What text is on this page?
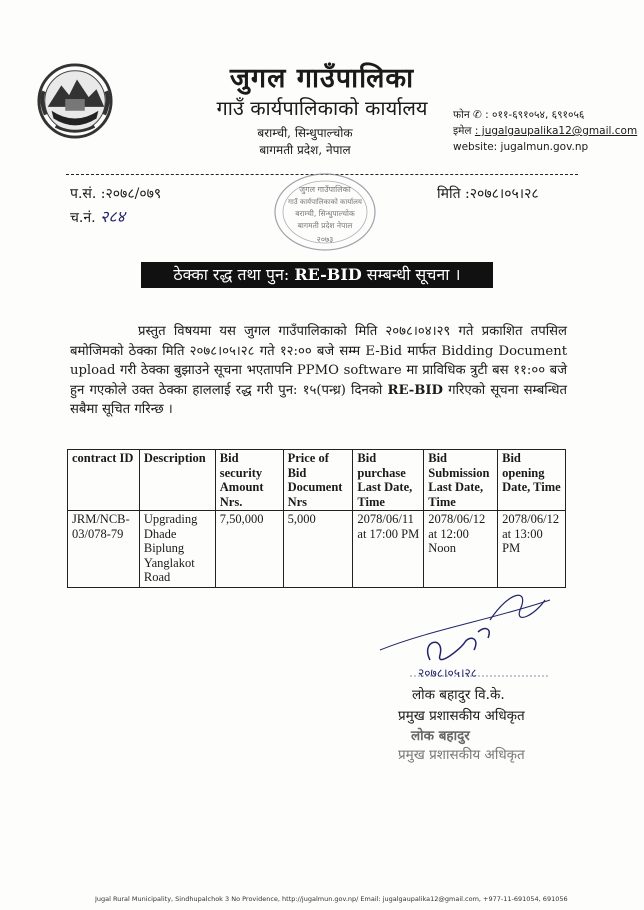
जुगल गाउँपालिका
गाउँ कार्यपालिकाको कार्यालय
बराम्ची, सिन्धुपाल्चोक
बागमती प्रदेश, नेपाल
फोन ✆ : ०११-६९१०५४, ६९१०५६
इमेल : jugalgaupalika12@gmail.com
website: jugalmun.gov.np
प.सं. :२०७८/०७९
च.नं. २८४
मिति :२०७८।०५।२८
जुगल गाउँपालिका
गाउँ कार्यपालिकाको कार्यालय
बराम्ची, सिन्धुपाल्चोक
बागमती प्रदेश नेपाल
२०७३
ठेक्का रद्ध तथा पुन: RE-BID सम्बन्धी सूचना ।

प्रस्तुत विषयमा यस जुगल गाउँपालिकाको मिति २०७८।०४।२९ गते प्रकाशित तपसिल बमोजिमको ठेक्का मिति २०७८।०५।२८ गते १२:०० बजे सम्म E-Bid मार्फत Bidding Document upload गरी ठेक्का बुझाउने सूचना भएतापनि PPMO software मा प्राविधिक त्रुटी बस ११:०० बजे हुन गएकोले उक्त ठेक्का हाललाई रद्ध गरी पुन: १५(पन्ध्र) दिनको RE-BID गरिएको सूचना सम्बन्धित सबैमा सूचित गरिन्छ ।

contract ID	Description	Bid security Amount Nrs.	Price of Bid Document Nrs	Bid purchase Last Date, Time	Bid Submission Last Date, Time	Bid opening Date, Time
JRM/NCB-03/078-79	Upgrading Dhade Biplung Yanglakot Road	7,50,000	5,000	2078/06/11 at 17:00 PM	2078/06/12 at 12:00 Noon	2078/06/12 at 13:00 PM
२०७८।०५।२८
लोक बहादुर वि.के.
प्रमुख प्रशासकीय अधिकृत
लोक बहादुर
प्रमुख प्रशासकीय अधिकृत
Jugal Rural Municipality, Sindhupalchok 3 No Providence, http://jugalmun.gov.np/ Email: jugalgaupalika12@gmail.com, +977-11-691054, 691056
